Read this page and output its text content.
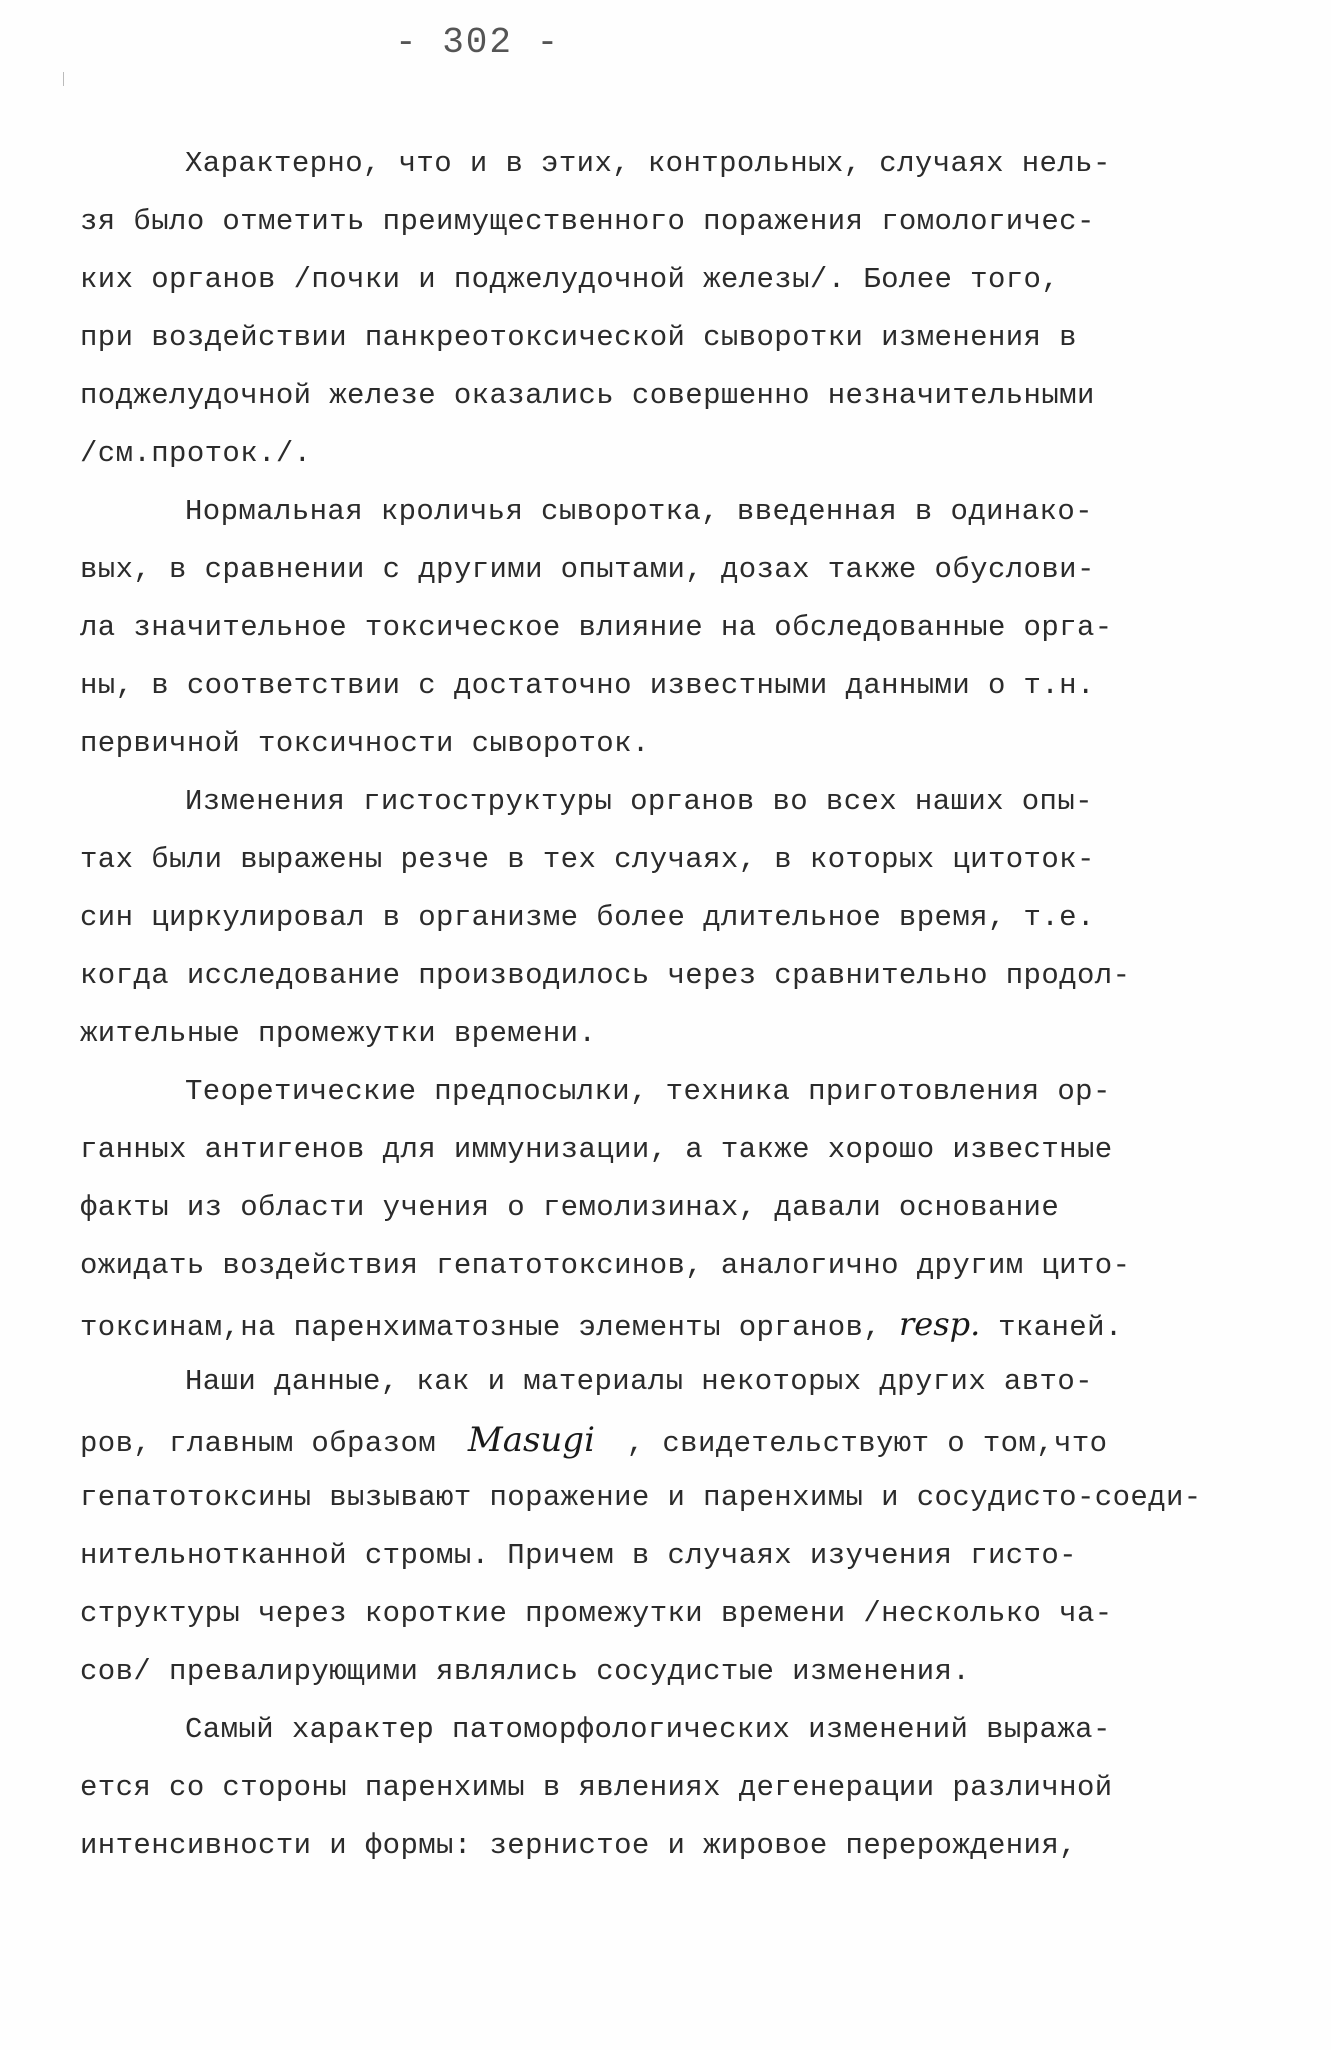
- 302 -
Характерно, что и в этих, контрольных, случаях нель-
зя было отметить преимущественного поражения гомологичес-
ких органов /почки и поджелудочной железы/. Более того,
при воздействии панкреотоксической сыворотки изменения в
поджелудочной железе оказались совершенно незначительными
/см.проток./.
Нормальная кроличья сыворотка, введенная в одинако-
вых, в сравнении с другими опытами, дозах также обуслови-
ла значительное токсическое влияние на обследованные орга-
ны, в соответствии с достаточно известными данными о т.н.
первичной токсичности сывороток.
Изменения гистоструктуры органов во всех наших опы-
тах были выражены резче в тех случаях, в которых цитоток-
син циркулировал в организме более длительное время, т.е.
когда исследование производилось через сравнительно продол-
жительные промежутки времени.
Теоретические предпосылки, техника приготовления ор-
ганных антигенов для иммунизации, а также хорошо известные
факты из области учения о гемолизинах, давали основание
ожидать воздействия гепатотоксинов, аналогично другим цито-
токсинам,на паренхиматозные элементы органов, resp. тканей.
Наши данные, как и материалы некоторых других авто-
ров, главным образом Masugi , свидетельствуют о том,что
гепатотоксины вызывают поражение и паренхимы и сосудисто-соеди-
нительнотканной стромы. Причем в случаях изучения гисто-
структуры через короткие промежутки времени /несколько ча-
сов/ превалирующими являлись сосудистые изменения.
Самый характер патоморфологических изменений выража-
ется со стороны паренхимы в явлениях дегенерации различной
интенсивности и формы: зернистое и жировое перерождения,
